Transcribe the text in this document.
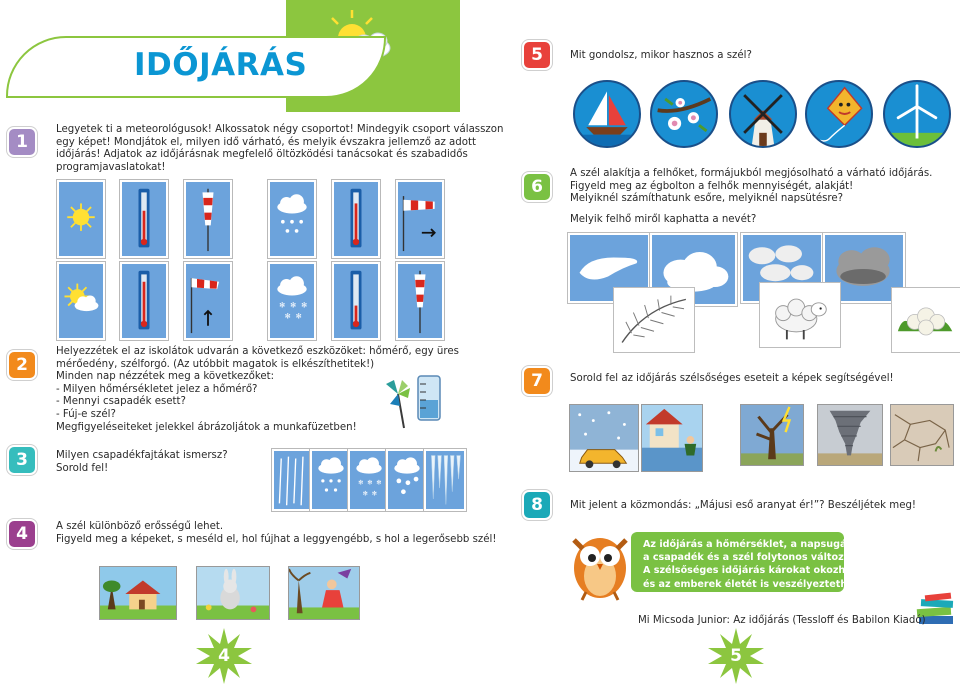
IDŐJÁRÁS
1
Legyetek ti a meteorológusok! Alkossatok négy csoportot! Mindegyik csoport válasszon
egy képet! Mondjátok el, milyen idő várható, és melyik évszakra jellemző az adott
időjárás! Adjatok az időjárásnak megfelelő öltözködési tanácsokat és szabadidős
programjavaslatokat!
✻ ✻ ✻
✻ ✻
2
Helyezzétek el az iskolátok udvarán a következő eszközöket: hőmérő, egy üres
mérőedény, szélforgó. (Az utóbbit magatok is elkészíthetitek!)
Minden nap nézzétek meg a következőket:
- Milyen hőmérsékletet jelez a hőmérő?
- Mennyi csapadék esett?
- Fúj-e szél?
Megfigyeléseiteket jelekkel ábrázoljátok a munkafüzetben!
3	Milyen csapadékfajtákat ismersz?
Sorold fel!
✻ ✻ ✻
✻ ✻
4	A szél különböző erősségű lehet.
Figyeld meg a képeket, s meséld el, hol fújhat a leggyengébb, s hol a legerősebb szél!
4
5	Mit gondolsz, mikor hasznos a szél?
6
A szél alakítja a felhőket, formájukból megjósolható a várható időjárás.
Figyeld meg az égbolton a felhők mennyiségét, alakját!
Melyiknél számíthatunk esőre, melyiknél napsütésre?
Melyik felhő miről kaphatta a nevét?
7	Sorold fel az időjárás szélsőséges eseteit a képek segítségével!
8	Mit jelent a közmondás: „Májusi eső aranyat ér!”? Beszéljétek meg!
Az időjárás a hőmérséklet, a napsugárzás,
a csapadék és a szél folytonos változása.
A szélsőséges időjárás károkat okozhat,
és az emberek életét is veszélyeztetheti.
Mi Micsoda Junior: Az időjárás (Tessloff és Babilon Kiadó)
5
